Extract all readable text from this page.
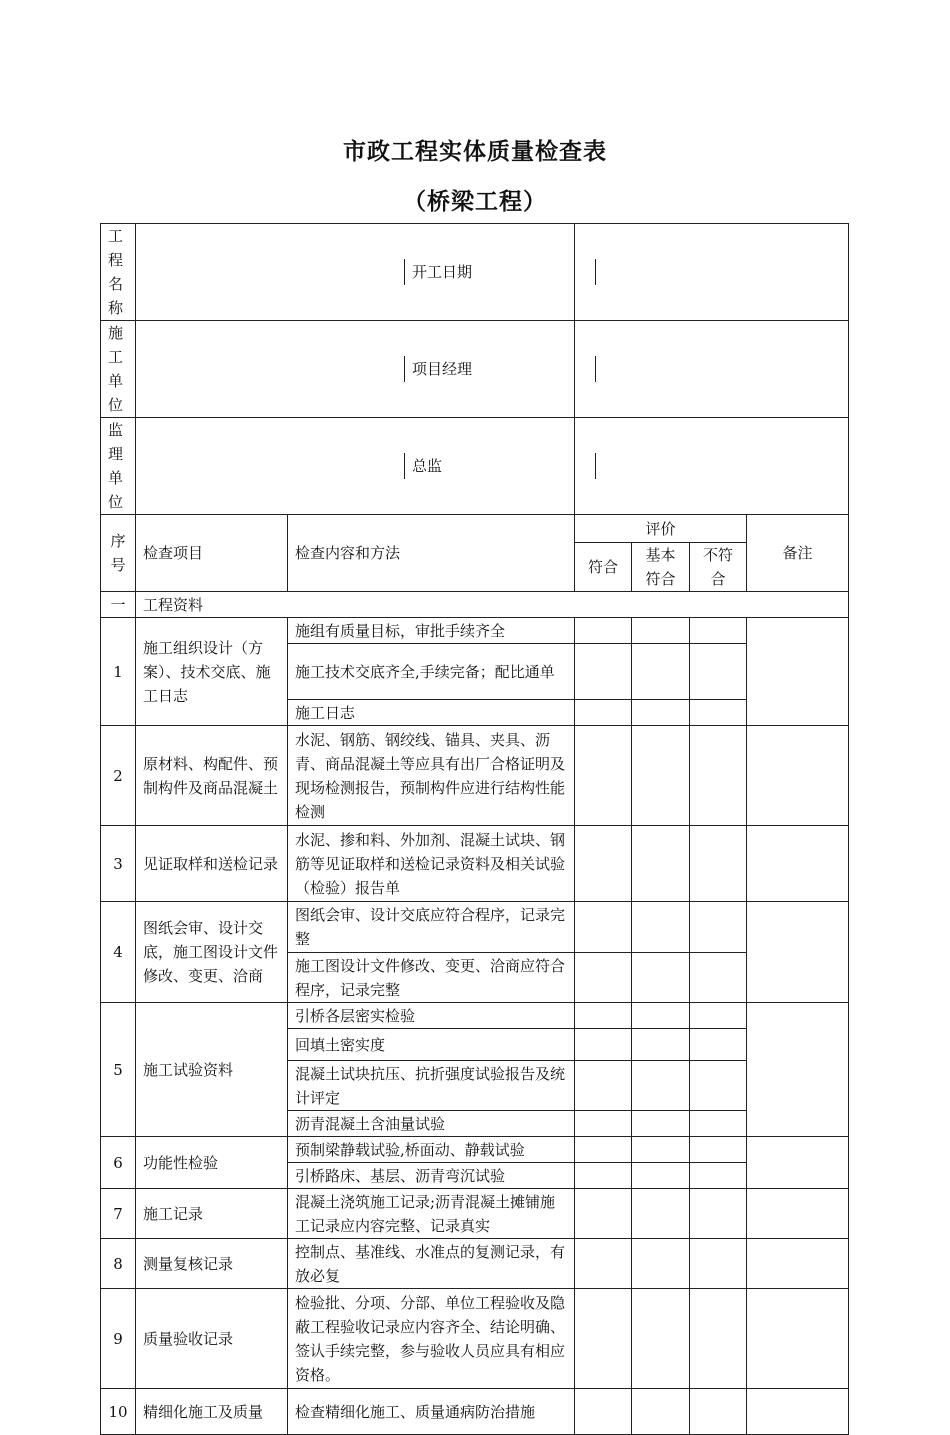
市政工程实体质量检查表
（桥梁工程）
工程名称	开工日期					

施工单位	项目经理					

监理单位	总监					

序号	检查项目	检查内容和方法	评价			备注
			符合	基本符合	不符合	

一	工程资料					
1	施工组织设计（方案）、技术交底、施工日志	施组有质量目标，审批手续齐全				
		施工技术交底齐全,手续完备；配比通单				
		施工日志				
2	原材料、构配件、预制构件及商品混凝土	水泥、钢筋、钢绞线、锚具、夹具、沥青、商品混凝土等应具有出厂合格证明及现场检测报告，预制构件应进行结构性能检测				
3	见证取样和送检记录	水泥、掺和料、外加剂、混凝土试块、钢筋等见证取样和送检记录资料及相关试验（检验）报告单				
4	图纸会审、设计交底，施工图设计文件修改、变更、洽商	图纸会审、设计交底应符合程序，记录完整				
		施工图设计文件修改、变更、洽商应符合程序，记录完整				
5	施工试验资料	引桥各层密实检验				
		回填土密实度				
		混凝土试块抗压、抗折强度试验报告及统计评定				
		沥青混凝土含油量试验				
6	功能性检验	预制梁静载试验,桥面动、静载试验				
		引桥路床、基层、沥青弯沉试验				
7	施工记录	混凝土浇筑施工记录;沥青混凝土摊铺施工记录应内容完整、记录真实				
8	测量复核记录	控制点、基准线、水准点的复测记录，有放必复				
9	质量验收记录	检验批、分项、分部、单位工程验收及隐蔽工程验收记录应内容齐全、结论明确、签认手续完整，参与验收人员应具有相应资格。				
10	精细化施工及质量	检查精细化施工、质量通病防治措施				
